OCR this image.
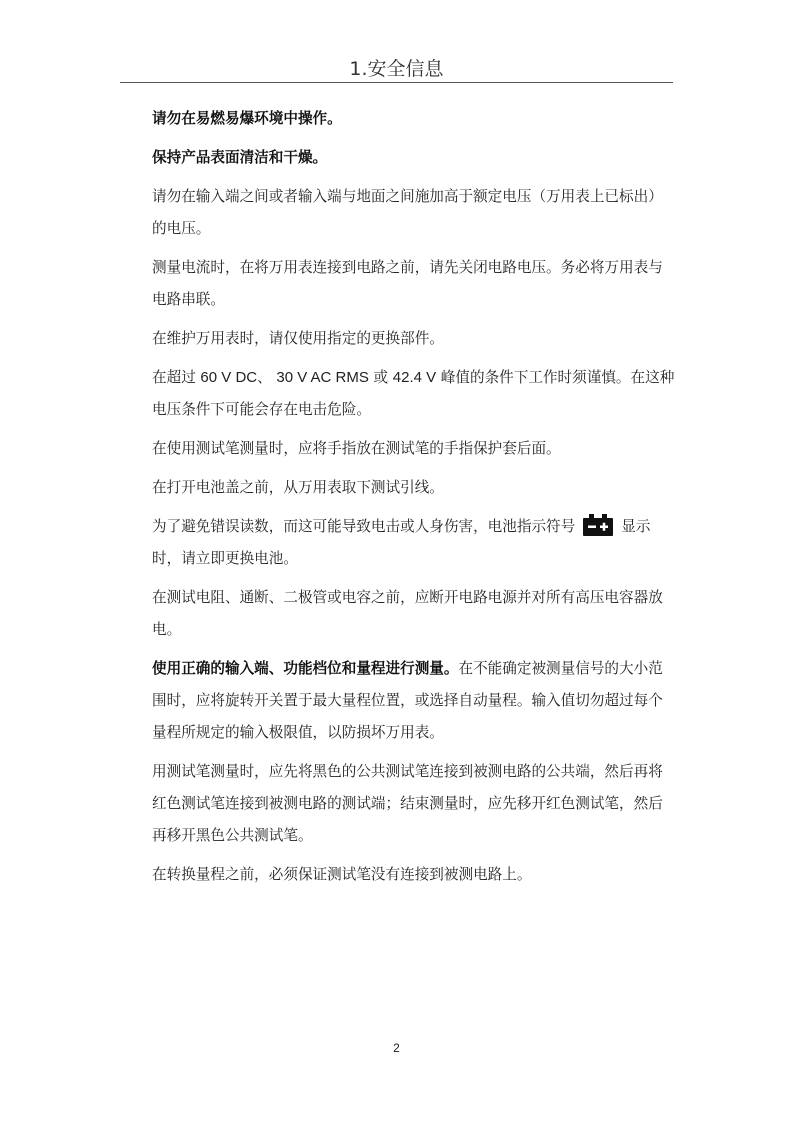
1.安全信息

请勿在易燃易爆环境中操作。

保持产品表面清洁和干燥。

请勿在输入端之间或者输入端与地面之间施加高于额定电压（万用表上已标出）的电压。

测量电流时，在将万用表连接到电路之前，请先关闭电路电压。务必将万用表与电路串联。

在维护万用表时，请仅使用指定的更换部件。

在超过 60 V DC、 30 V AC RMS 或 42.4 V 峰值的条件下工作时须谨慎。在这种电压条件下可能会存在电击危险。

在使用测试笔测量时，应将手指放在测试笔的手指保护套后面。

在打开电池盖之前，从万用表取下测试引线。

为了避免错误读数，而这可能导致电击或人身伤害，电池指示符号	显示时，请立即更换电池。

在测试电阻、通断、二极管或电容之前，应断开电路电源并对所有高压电容器放电。

使用正确的输入端、功能档位和量程进行测量。在不能确定被测量信号的大小范围时，应将旋转开关置于最大量程位置，或选择自动量程。输入值切勿超过每个量程所规定的输入极限值，以防损坏万用表。

用测试笔测量时，应先将黑色的公共测试笔连接到被测电路的公共端，然后再将红色测试笔连接到被测电路的测试端；结束测量时，应先移开红色测试笔，然后再移开黑色公共测试笔。

在转换量程之前，必须保证测试笔没有连接到被测电路上。

2
